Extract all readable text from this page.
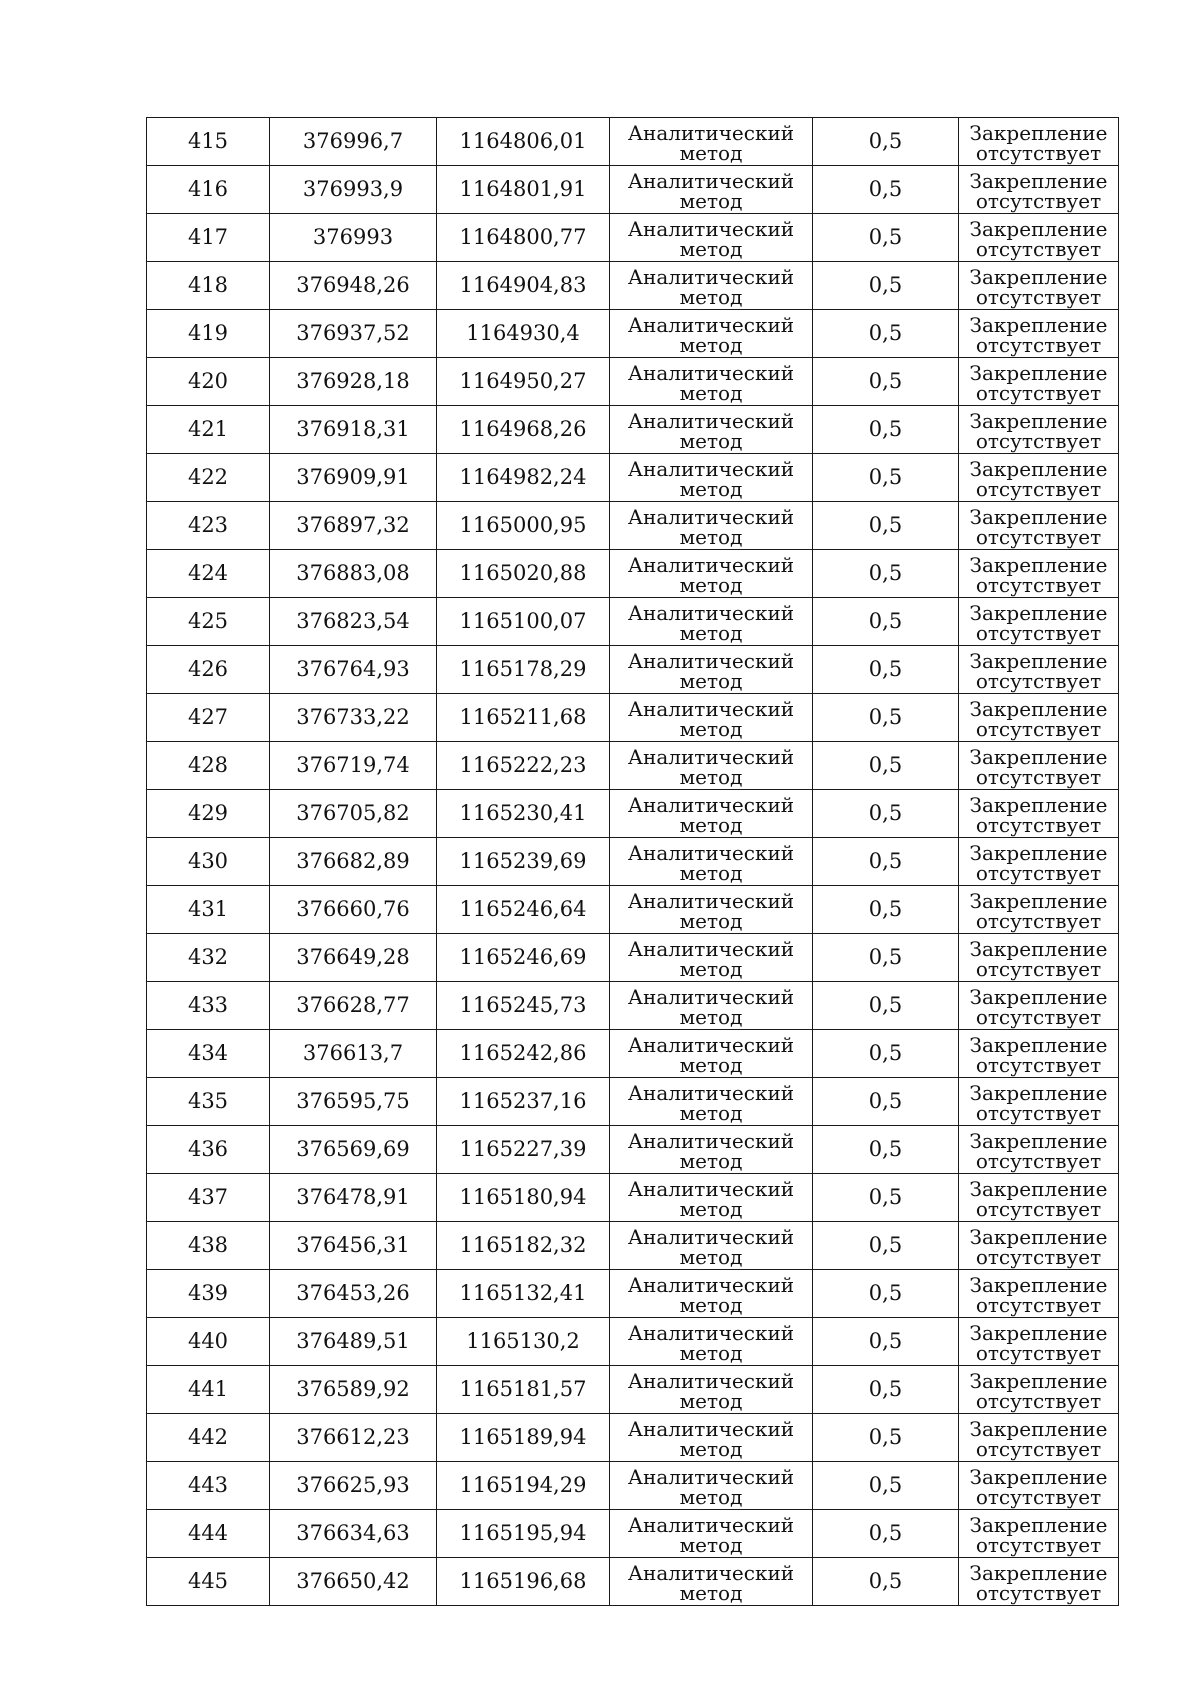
415	376996,7	1164806,01	Аналитический
метод	0,5	Закрепление
отсутствует

416	376993,9	1164801,91	Аналитический
метод	0,5	Закрепление
отсутствует

417	376993	1164800,77	Аналитический
метод	0,5	Закрепление
отсутствует

418	376948,26	1164904,83	Аналитический
метод	0,5	Закрепление
отсутствует

419	376937,52	1164930,4	Аналитический
метод	0,5	Закрепление
отсутствует

420	376928,18	1164950,27	Аналитический
метод	0,5	Закрепление
отсутствует

421	376918,31	1164968,26	Аналитический
метод	0,5	Закрепление
отсутствует

422	376909,91	1164982,24	Аналитический
метод	0,5	Закрепление
отсутствует

423	376897,32	1165000,95	Аналитический
метод	0,5	Закрепление
отсутствует

424	376883,08	1165020,88	Аналитический
метод	0,5	Закрепление
отсутствует

425	376823,54	1165100,07	Аналитический
метод	0,5	Закрепление
отсутствует

426	376764,93	1165178,29	Аналитический
метод	0,5	Закрепление
отсутствует

427	376733,22	1165211,68	Аналитический
метод	0,5	Закрепление
отсутствует

428	376719,74	1165222,23	Аналитический
метод	0,5	Закрепление
отсутствует

429	376705,82	1165230,41	Аналитический
метод	0,5	Закрепление
отсутствует

430	376682,89	1165239,69	Аналитический
метод	0,5	Закрепление
отсутствует

431	376660,76	1165246,64	Аналитический
метод	0,5	Закрепление
отсутствует

432	376649,28	1165246,69	Аналитический
метод	0,5	Закрепление
отсутствует

433	376628,77	1165245,73	Аналитический
метод	0,5	Закрепление
отсутствует

434	376613,7	1165242,86	Аналитический
метод	0,5	Закрепление
отсутствует

435	376595,75	1165237,16	Аналитический
метод	0,5	Закрепление
отсутствует

436	376569,69	1165227,39	Аналитический
метод	0,5	Закрепление
отсутствует

437	376478,91	1165180,94	Аналитический
метод	0,5	Закрепление
отсутствует

438	376456,31	1165182,32	Аналитический
метод	0,5	Закрепление
отсутствует

439	376453,26	1165132,41	Аналитический
метод	0,5	Закрепление
отсутствует

440	376489,51	1165130,2	Аналитический
метод	0,5	Закрепление
отсутствует

441	376589,92	1165181,57	Аналитический
метод	0,5	Закрепление
отсутствует

442	376612,23	1165189,94	Аналитический
метод	0,5	Закрепление
отсутствует

443	376625,93	1165194,29	Аналитический
метод	0,5	Закрепление
отсутствует

444	376634,63	1165195,94	Аналитический
метод	0,5	Закрепление
отсутствует

445	376650,42	1165196,68	Аналитический
метод	0,5	Закрепление
отсутствует
